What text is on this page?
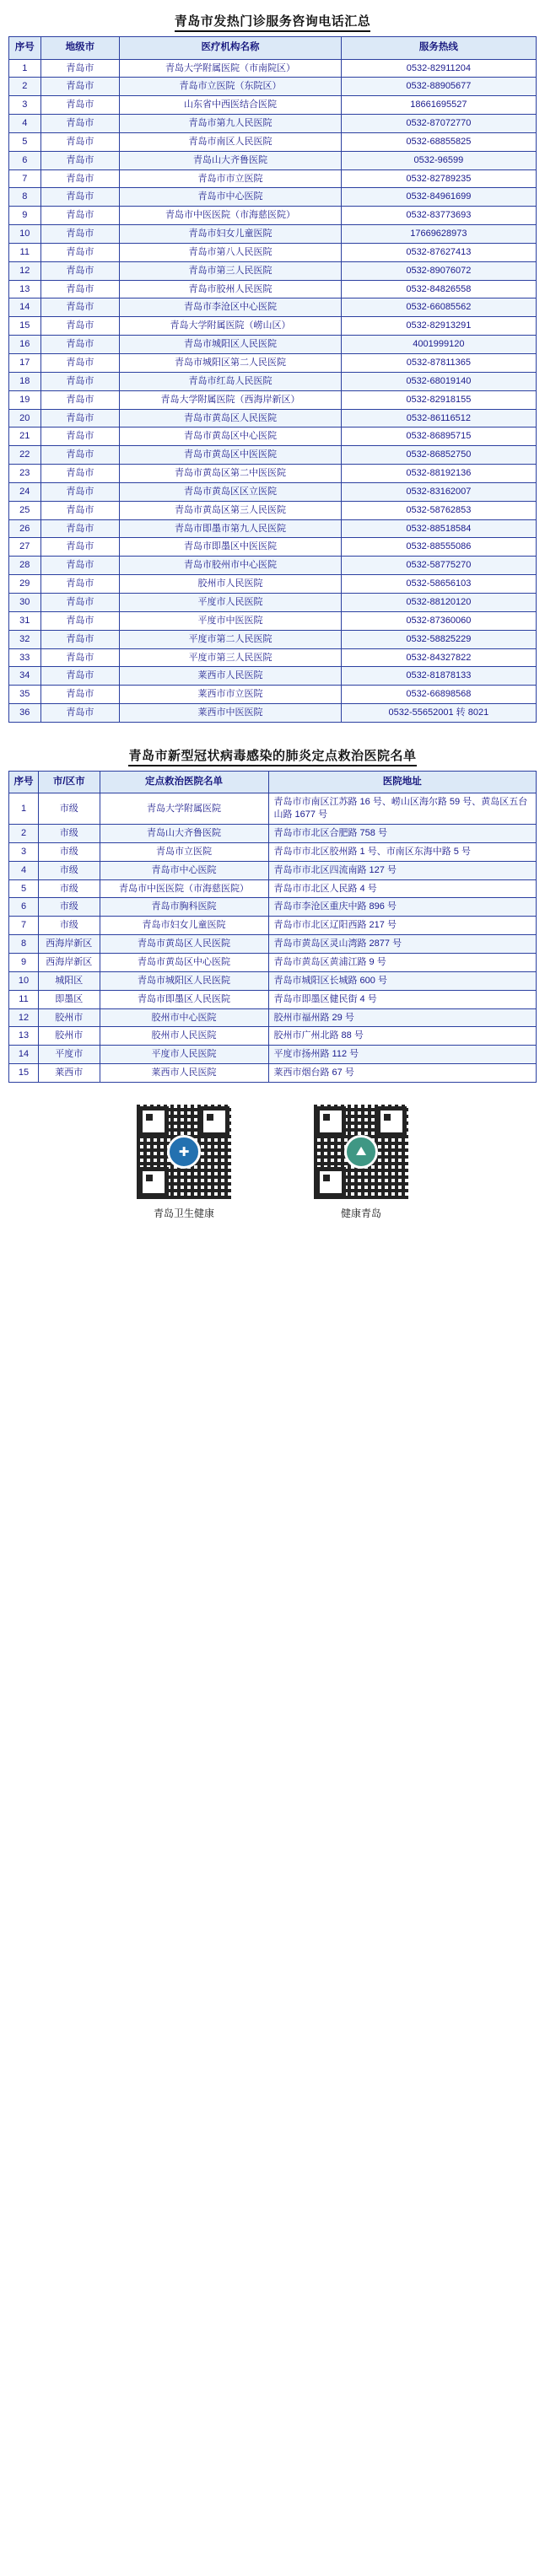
青岛市发热门诊服务咨询电话汇总
序号	地级市	医疗机构名称	服务热线
1	青岛市	青岛大学附属医院（市南院区）	0532-82911204
2	青岛市	青岛市立医院（东院区）	0532-88905677
3	青岛市	山东省中西医结合医院	18661695527
4	青岛市	青岛市第九人民医院	0532-87072770
5	青岛市	青岛市南区人民医院	0532-68855825
6	青岛市	青岛山大齐鲁医院	0532-96599
7	青岛市	青岛市市立医院	0532-82789235
8	青岛市	青岛市中心医院	0532-84961699
9	青岛市	青岛市中医医院（市海慈医院）	0532-83773693
10	青岛市	青岛市妇女儿童医院	17669628973
11	青岛市	青岛市第八人民医院	0532-87627413
12	青岛市	青岛市第三人民医院	0532-89076072
13	青岛市	青岛市胶州人民医院	0532-84826558
14	青岛市	青岛市李沧区中心医院	0532-66085562
15	青岛市	青岛大学附属医院（崂山区）	0532-82913291
16	青岛市	青岛市城阳区人民医院	4001999120
17	青岛市	青岛市城阳区第二人民医院	0532-87811365
18	青岛市	青岛市红岛人民医院	0532-68019140
19	青岛市	青岛大学附属医院（西海岸新区）	0532-82918155
20	青岛市	青岛市黄岛区人民医院	0532-86116512
21	青岛市	青岛市黄岛区中心医院	0532-86895715
22	青岛市	青岛市黄岛区中医医院	0532-86852750
23	青岛市	青岛市黄岛区第二中医医院	0532-88192136
24	青岛市	青岛市黄岛区区立医院	0532-83162007
25	青岛市	青岛市黄岛区第三人民医院	0532-58762853
26	青岛市	青岛市即墨市第九人民医院	0532-88518584
27	青岛市	青岛市即墨区中医医院	0532-88555086
28	青岛市	青岛市胶州市中心医院	0532-58775270
29	青岛市	胶州市人民医院	0532-58656103
30	青岛市	平度市人民医院	0532-88120120
31	青岛市	平度市中医医院	0532-87360060
32	青岛市	平度市第二人民医院	0532-58825229
33	青岛市	平度市第三人民医院	0532-84327822
34	青岛市	莱西市人民医院	0532-81878133
35	青岛市	莱西市市立医院	0532-66898568
36	青岛市	莱西市中医医院	0532-55652001 转 8021
青岛市新型冠状病毒感染的肺炎定点救治医院名单
序号	市/区市	定点救治医院名单	医院地址
1	市级	青岛大学附属医院	青岛市市南区江苏路 16 号、崂山区海尔路 59 号、黄岛区五台山路 1677 号
2	市级	青岛山大齐鲁医院	青岛市市北区合肥路 758 号
3	市级	青岛市立医院	青岛市市北区胶州路 1 号、市南区东海中路 5 号
4	市级	青岛市中心医院	青岛市市北区四流南路 127 号
5	市级	青岛市中医医院（市海慈医院）	青岛市市北区人民路 4 号
6	市级	青岛市胸科医院	青岛市李沧区重庆中路 896 号
7	市级	青岛市妇女儿童医院	青岛市市北区辽阳西路 217 号
8	西海岸新区	青岛市黄岛区人民医院	青岛市黄岛区灵山湾路 2877 号
9	西海岸新区	青岛市黄岛区中心医院	青岛市黄岛区黄浦江路 9 号
10	城阳区	青岛市城阳区人民医院	青岛市城阳区长城路 600 号
11	即墨区	青岛市即墨区人民医院	青岛市即墨区健民街 4 号
12	胶州市	胶州市中心医院	胶州市福州路 29 号
13	胶州市	胶州市人民医院	胶州市广州北路 88 号
14	平度市	平度市人民医院	平度市扬州路 112 号
15	莱西市	莱西市人民医院	莱西市烟台路 67 号
✚
青岛卫生健康
⛰
健康青岛
